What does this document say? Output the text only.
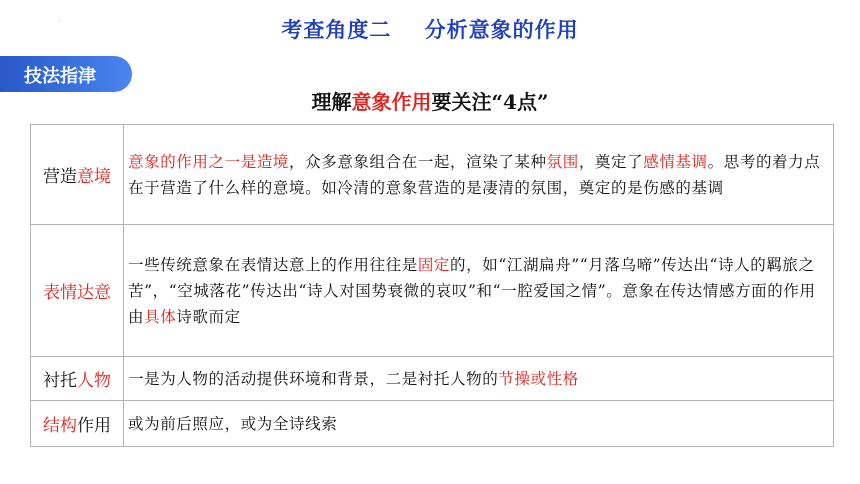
·	考查角度二 分析意象的作用
技法指津
理解意象作用要关注“4点”
营造意境	意象的作用之一是造境，众多意象组合在一起，渲染了某种氛围，奠定了感情基调。思考的着力点在于营造了什么样的意境。如冷清的意象营造的是凄清的氛围，奠定的是伤感的基调
表情达意	一些传统意象在表情达意上的作用往往是固定的，如“江湖扁舟”“月落乌啼”传达出“诗人的羁旅之苦”，“空城落花”传达出“诗人对国势衰微的哀叹”和“一腔爱国之情”。意象在传达情感方面的作用由具体诗歌而定
衬托人物	一是为人物的活动提供环境和背景，二是衬托人物的节操或性格
结构作用	或为前后照应，或为全诗线索
